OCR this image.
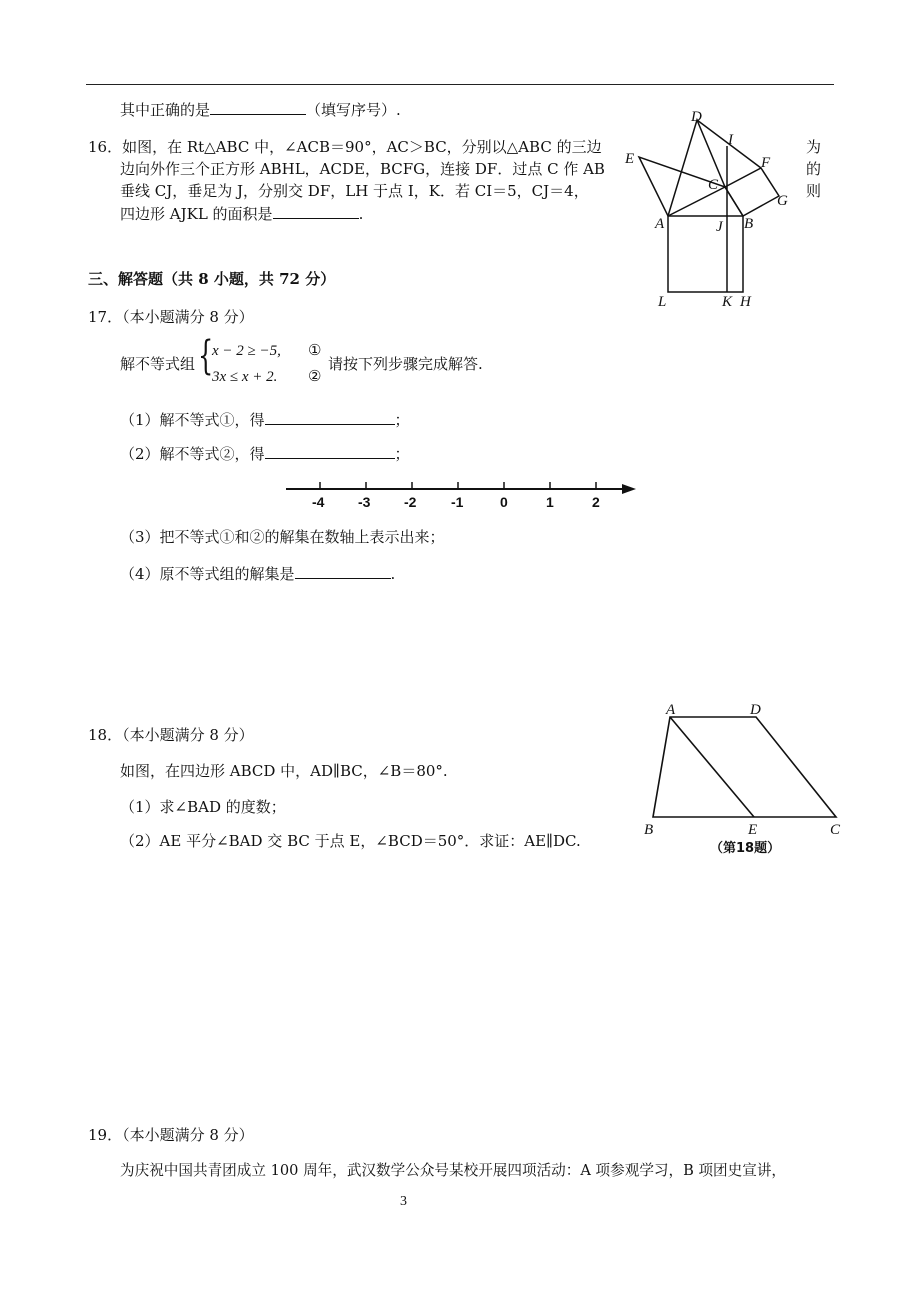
其中正确的是	（填写序号）.
16．如图，在 Rt△ABC 中，∠ACB＝90°，AC＞BC，分别以△ABC 的三边
边向外作三个正方形 ABHL，ACDE，BCFG，连接 DF．过点 C 作 AB
垂线 CJ，垂足为 J，分别交 DF，LH 于点 I，K．若 CI＝5，CJ＝4，
四边形 AJKL 的面积是	.
为
的
则
D
I
E	F
C
G
A	J B
L	K H
三、解答题（共 8 小题，共 72 分）
17．（本小题满分 8 分）
解不等式组 {
x − 2 ≥ −5, ①
3x ≤ x + 2. ②
请按下列步骤完成解答.
（1）解不等式①，得	；
（2）解不等式②，得	；
-4 -3 -2 -1	0	1	2
（3）把不等式①和②的解集在数轴上表示出来；
（4）原不等式组的解集是	.
18．（本小题满分 8 分）
如图，在四边形 ABCD 中，AD∥BC，∠B＝80°.
（1）求∠BAD 的度数；
（2）AE 平分∠BAD 交 BC 于点 E，∠BCD＝50°．求证：AE∥DC.
A	D
B	E	C
（第18题）
19．（本小题满分 8 分）
为庆祝中国共青团成立 100 周年，武汉数学公众号某校开展四项活动：A 项参观学习，B 项团史宣讲，
3
